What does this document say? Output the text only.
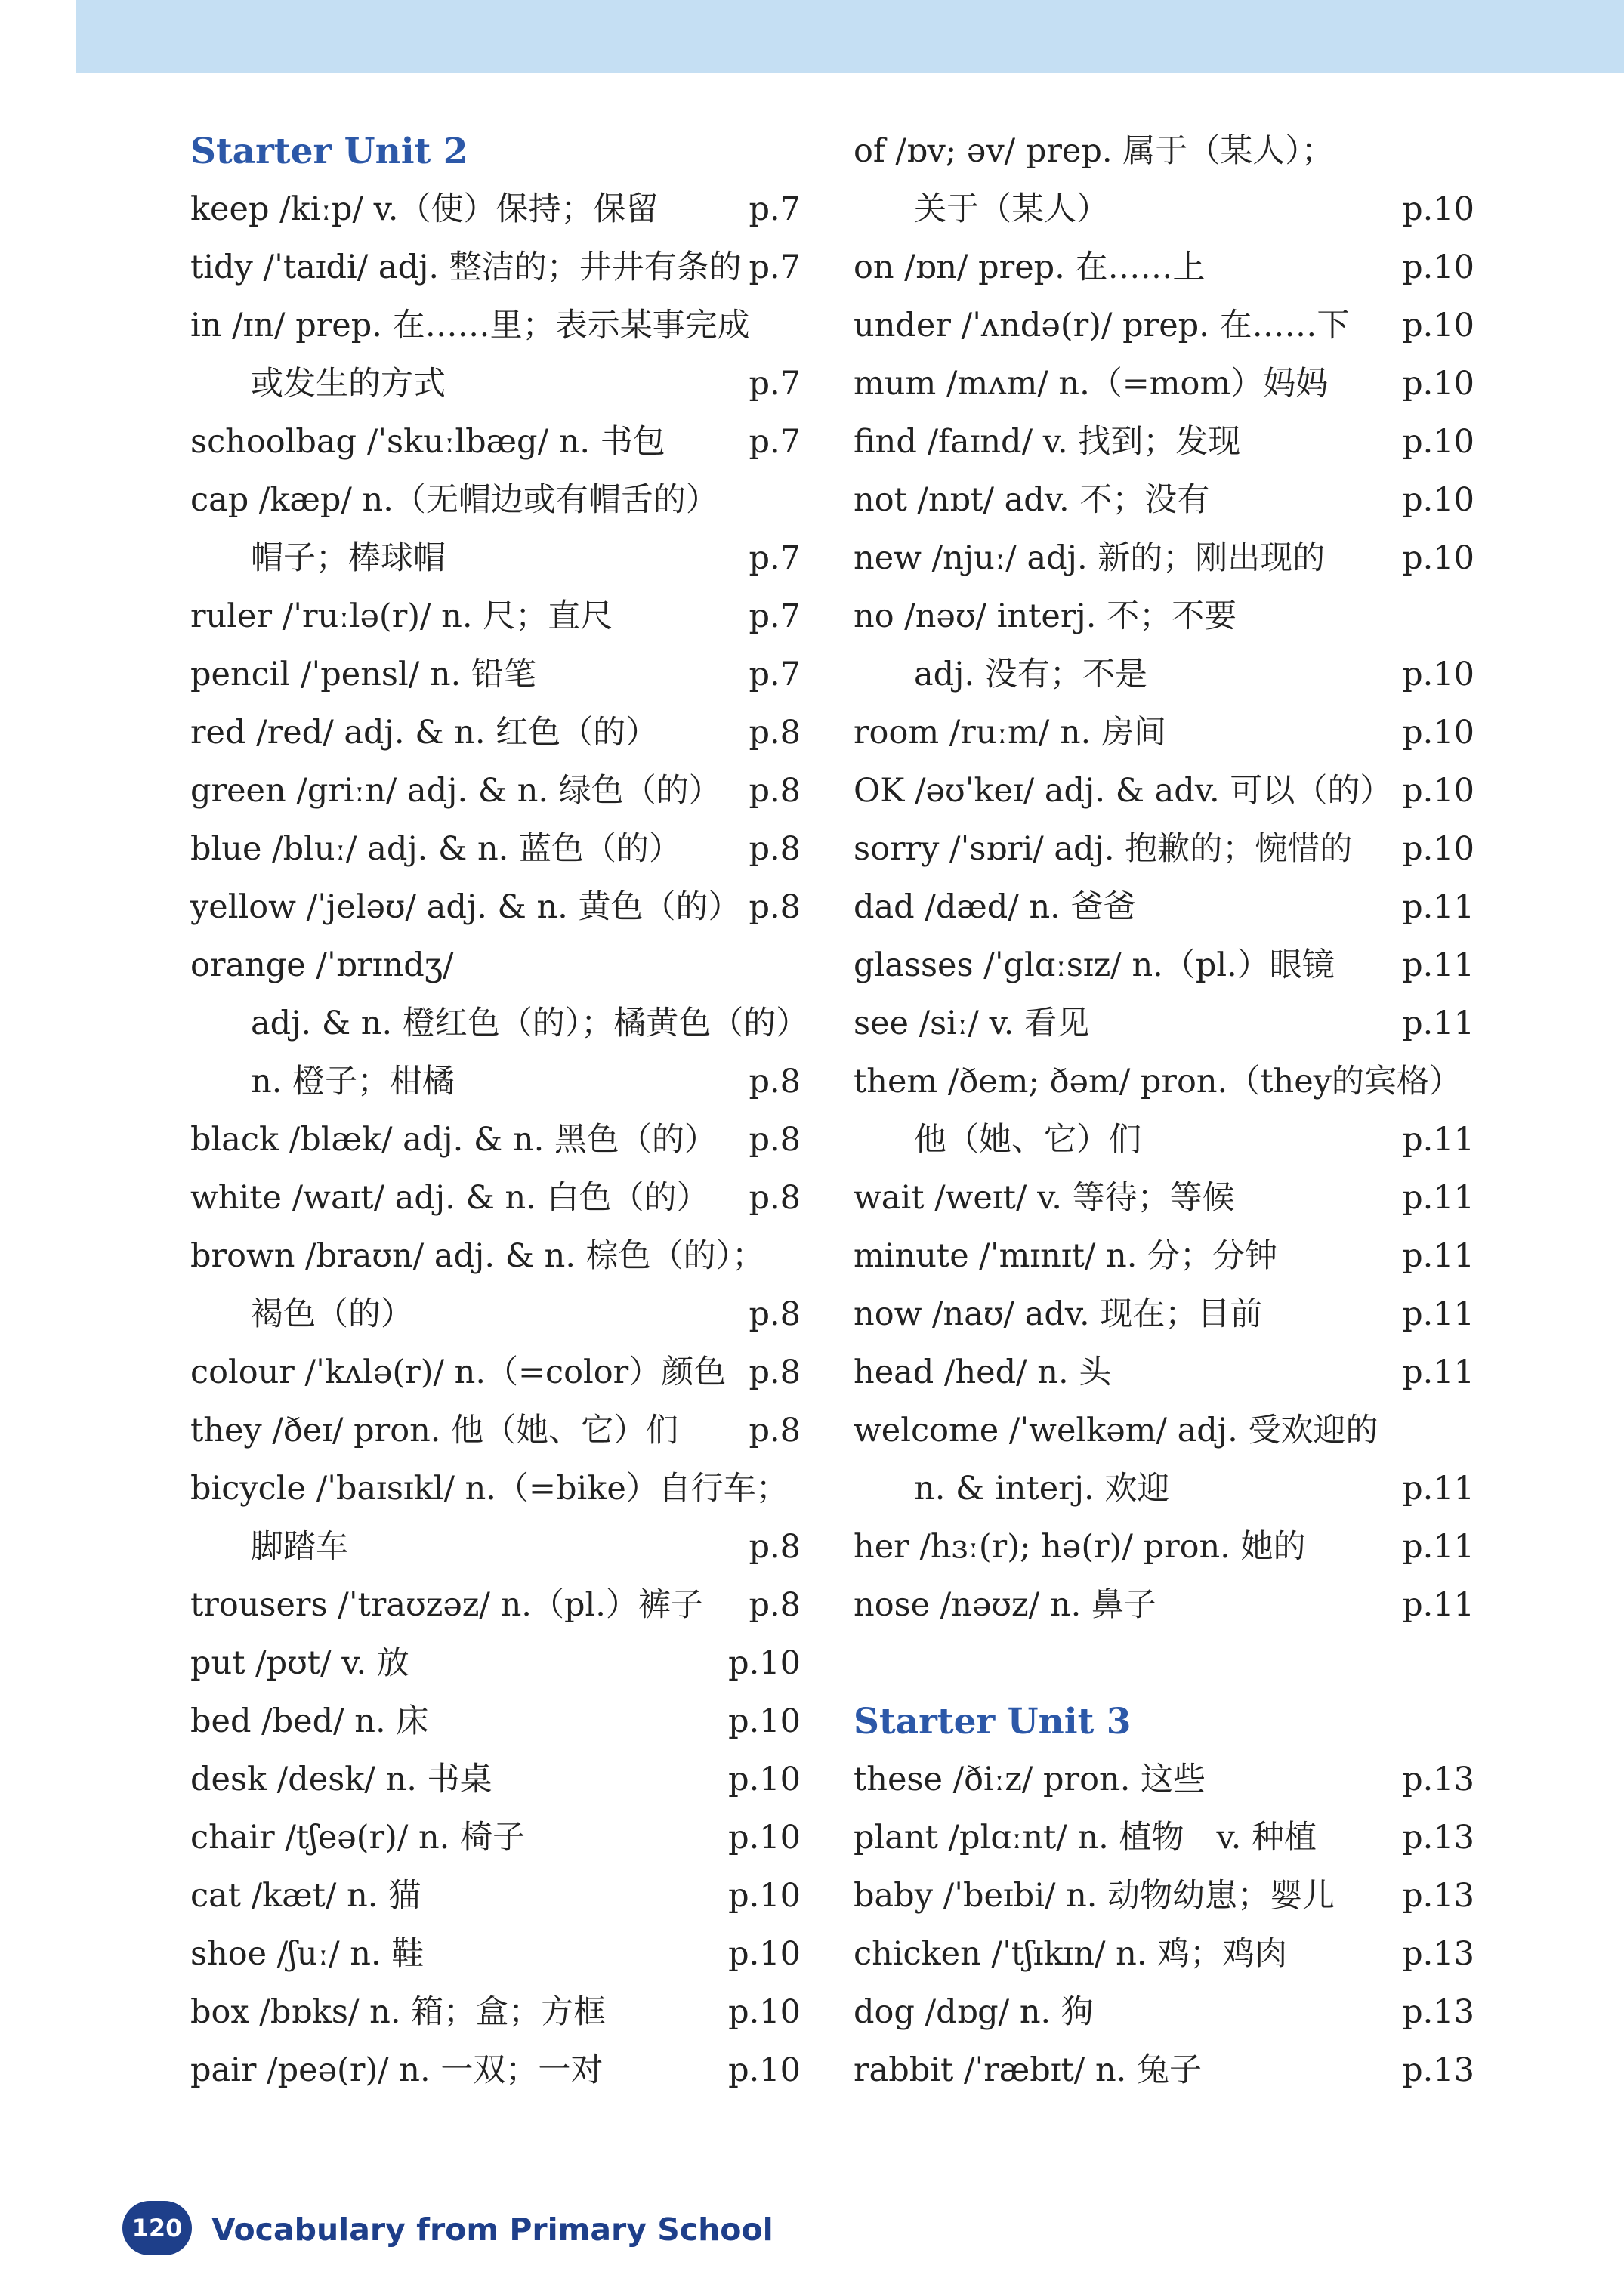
Starter Unit 2
keep /kiːp/ v.（使）保持；保留	p.7
tidy /ˈtaɪdi/ adj. 整洁的；井井有条的 p.7
in /ɪn/ prep. 在……里；表示某事完成
或发生的方式	p.7
schoolbag /ˈskuːlbæg/ n. 书包	p.7
cap /kæp/ n.（无帽边或有帽舌的）
帽子；棒球帽	p.7
ruler /ˈruːlə(r)/ n. 尺；直尺	p.7
pencil /ˈpensl/ n. 铅笔	p.7
red /red/ adj. & n. 红色（的）	p.8
green /griːn/ adj. & n. 绿色（的） p.8
blue /bluː/ adj. & n. 蓝色（的） p.8
yellow /ˈjeləʊ/ adj. & n. 黄色（的） p.8
orange /ˈɒrɪndʒ/
adj. & n. 橙红色（的）；橘黄色（的）
n. 橙子；柑橘	p.8
black /blæk/ adj. & n. 黑色（的） p.8
white /waɪt/ adj. & n. 白色（的） p.8
brown /braʊn/ adj. & n. 棕色（的）；
褐色（的）	p.8
colour /ˈkʌlə(r)/ n.（=color）颜色 p.8
they /ðeɪ/ pron. 他（她、它）们 p.8
bicycle /ˈbaɪsɪkl/ n.（=bike）自行车；
脚踏车	p.8
trousers /ˈtraʊzəz/ n.（pl.）裤子 p.8
put /pʊt/ v. 放	p.10
bed /bed/ n. 床	p.10
desk /desk/ n. 书桌	p.10
chair /tʃeə(r)/ n. 椅子	p.10
cat /kæt/ n. 猫	p.10
shoe /ʃuː/ n. 鞋	p.10
box /bɒks/ n. 箱；盒；方框	p.10
pair /peə(r)/ n. 一双；一对	p.10
of /ɒv; əv/ prep. 属于（某人）；
关于（某人）	p.10
on /ɒn/ prep. 在……上	p.10
under /ˈʌndə(r)/ prep. 在……下 p.10
mum /mʌm/ n.（=mom）妈妈 p.10
find /faɪnd/ v. 找到；发现	p.10
not /nɒt/ adv. 不；没有	p.10
new /njuː/ adj. 新的；刚出现的 p.10
no /nəʊ/ interj. 不；不要
adj. 没有；不是	p.10
room /ruːm/ n. 房间	p.10
OK /əʊˈkeɪ/ adj. & adv. 可以（的） p.10
sorry /ˈsɒri/ adj. 抱歉的；惋惜的 p.10
dad /dæd/ n. 爸爸	p.11
glasses /ˈglɑːsɪz/ n.（pl.）眼镜 p.11
see /siː/ v. 看见	p.11
them /ðem; ðəm/ pron.（they的宾格）
他（她、它）们	p.11
wait /weɪt/ v. 等待；等候	p.11
minute /ˈmɪnɪt/ n. 分；分钟	p.11
now /naʊ/ adv. 现在；目前	p.11
head /hed/ n. 头	p.11
welcome /ˈwelkəm/ adj. 受欢迎的
n. & interj. 欢迎	p.11
her /hɜː(r); hə(r)/ pron. 她的	p.11
nose /nəʊz/ n. 鼻子	p.11
Starter Unit 3
these /ðiːz/ pron. 这些	p.13
plant /plɑːnt/ n. 植物　v. 种植	p.13
baby /ˈbeɪbi/ n. 动物幼崽；婴儿 p.13
chicken /ˈtʃɪkɪn/ n. 鸡；鸡肉	p.13
dog /dɒg/ n. 狗	p.13
rabbit /ˈræbɪt/ n. 兔子	p.13
120 Vocabulary from Primary School
